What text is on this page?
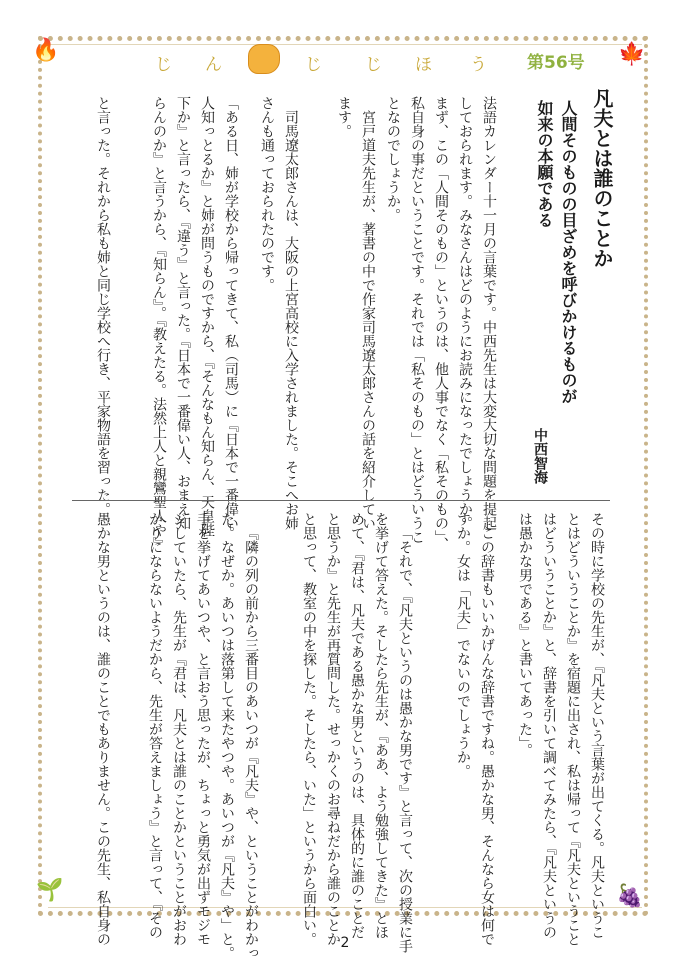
🔥	🍁
🌱	🍇
じ ん	じ	じ ほ う 第56号
凡夫とは誰のことか
人間そのものの目ざめを呼びかけるものが
如来の本願である
中西智海
法語カレンダー十一月の言葉です。中西先生は大変大切な問題を提起
しておられます。みなさんはどのようにお読みになったでしょうか。
まず、この「人間そのもの」というのは、他人事でなく「私そのもの」、
私自身の事だということです。それでは「私そのもの」とはどういうこ
となのでしょうか。
宮戸道夫先生が、著書の中で作家司馬遼太郎さんの話を紹介してい
ます。
司馬遼太郎さんは、大阪の上宮高校に入学されました。そこへお姉
さんも通っておられたのです。
「ある日、姉が学校から帰ってきて、私（司馬）に『日本で一番偉い
人知っとるか』と姉が問うものですから、『そんなもん知らん、天皇陛
下か』と言ったら、『違う』と言った。『日本で一番偉い人、おまえ知
らんのか』と言うから、『知らん』。『教えたる。法然上人と親鸞聖人や』
と言った。それから私も姉と同じ学校へ行き、平家物語を習った。
その時に学校の先生が、『凡夫という言葉が出てくる。凡夫というこ
とはどういうことか』を宿題に出され、私は帰って『凡夫ということ
はどういうことか』と、辞書を引いて調べてみたら、『凡夫というの
は愚かな男である』と書いてあった」。
この辞書もいいかげんな辞書ですね。愚かな男、そんなら女は何で
すか。女は「凡夫」でないのでしょうか。
「それで、『凡夫というのは愚かな男です』と言って、次の授業に手
を挙げて答えた。そしたら先生が、『ああ、よう勉強してきた』とほ
めて、『君は、凡夫である愚かな男というのは、具体的に誰のことだ
と思うか』と先生が再質問した。せっかくのお尋ねだから誰のことか
と思って、教室の中を探した。そしたら、いた」というから面白い。
『隣の列の前から三番目のあいつが『凡夫』や、ということがわかっ
た。なぜか。あいつは落第して来たやつや。あいつが『凡夫』や」と。
手を挙げてあいつや、と言おう思ったが、ちょっと勇気が出ずモジモ
ジしていたら、先生が『君は、凡夫とは誰のことかということがおわ
かりにならないようだから、先生が答えましょう』と言って、『その
愚かな男というのは、誰のことでもありません。この先生、私自身の	2
